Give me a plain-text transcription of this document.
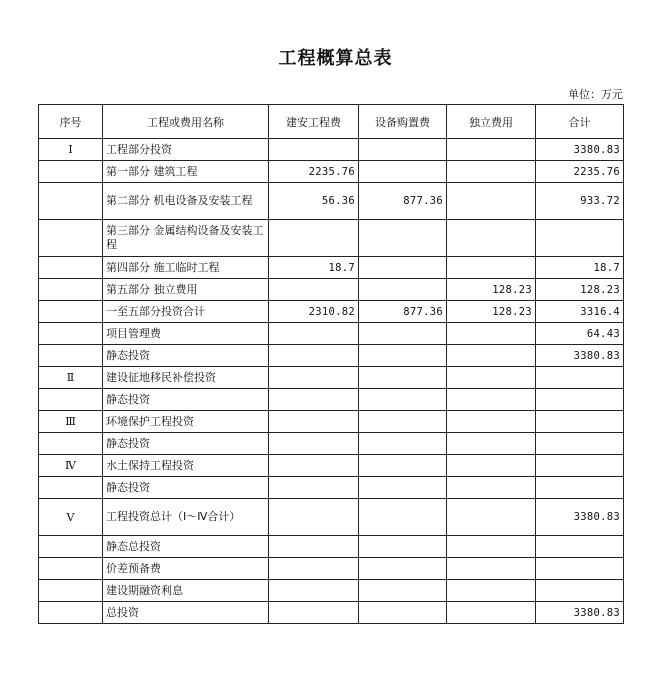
工程概算总表
单位：万元
序号	工程或费用名称	建安工程费	设备购置费	独立费用	合计
Ⅰ	工程部分投资				3380.83
	第一部分 建筑工程	2235.76			2235.76
	第二部分 机电设备及安装工程	56.36	877.36		933.72
	第三部分 金属结构设备及安装工程				
	第四部分 施工临时工程	18.7			18.7
	第五部分 独立费用			128.23	128.23
	一至五部分投资合计	2310.82	877.36	128.23	3316.4
	项目管理费				64.43
	静态投资				3380.83
Ⅱ	建设征地移民补偿投资				
	静态投资				
Ⅲ	环境保护工程投资				
	静态投资				
Ⅳ	水土保持工程投资				
	静态投资				
Ⅴ	工程投资总计（Ⅰ～Ⅳ合计）				3380.83
	静态总投资				
	价差预备费				
	建设期融资利息				
	总投资				3380.83
